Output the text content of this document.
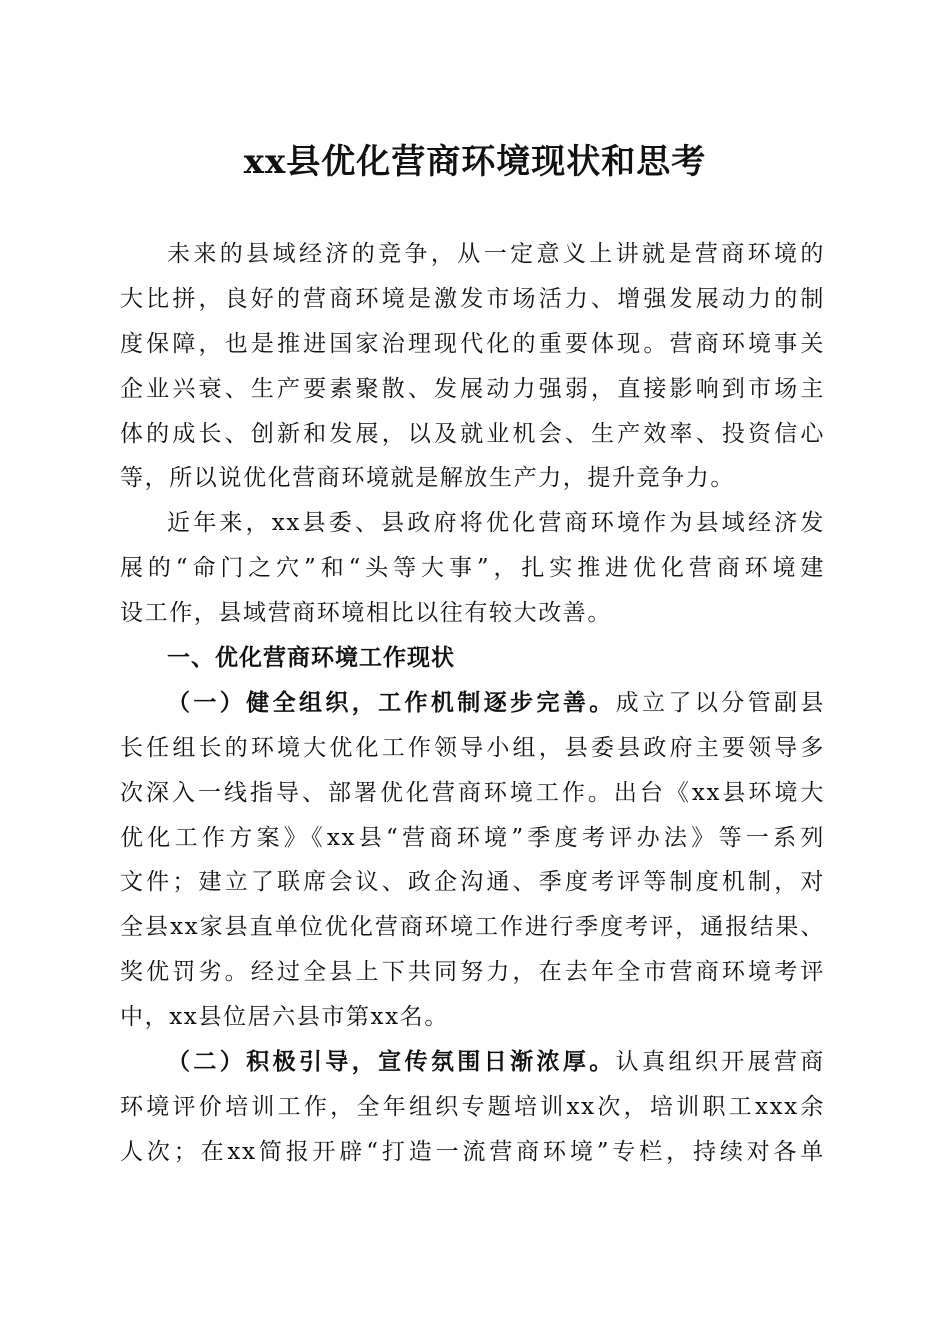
xx县优化营商环境现状和思考
未来的县域经济的竞争，从一定意义上讲就是营商环境的
大比拼，良好的营商环境是激发市场活力、增强发展动力的制
度保障，也是推进国家治理现代化的重要体现。营商环境事关
企业兴衰、生产要素聚散、发展动力强弱，直接影响到市场主
体的成长、创新和发展，以及就业机会、生产效率、投资信心
等，所以说优化营商环境就是解放生产力，提升竞争力。
近年来，xx县委、县政府将优化营商环境作为县域经济发
展的“命门之穴”和“头等大事”，扎实推进优化营商环境建
设工作，县域营商环境相比以往有较大改善。
一、优化营商环境工作现状
（一）健全组织，工作机制逐步完善。成立了以分管副县
长任组长的环境大优化工作领导小组，县委县政府主要领导多
次深入一线指导、部署优化营商环境工作。出台《xx县环境大
优化工作方案》《xx县“营商环境”季度考评办法》等一系列
文件；建立了联席会议、政企沟通、季度考评等制度机制，对
全县xx家县直单位优化营商环境工作进行季度考评，通报结果、
奖优罚劣。经过全县上下共同努力，在去年全市营商环境考评
中，xx县位居六县市第xx名。
（二）积极引导，宣传氛围日渐浓厚。认真组织开展营商
环境评价培训工作，全年组织专题培训xx次，培训职工xxx余
人次；在xx简报开辟“打造一流营商环境”专栏，持续对各单
